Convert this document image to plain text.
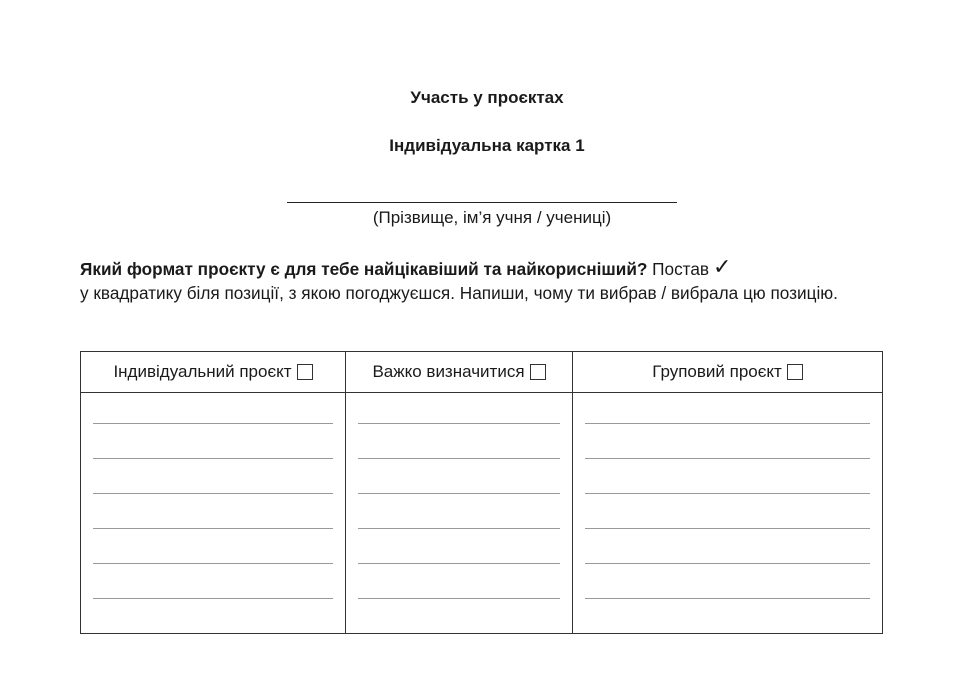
Участь у проєктах
Індивідуальна картка 1
(Прізвище, ім’я учня / учениці)
Який формат проєкту є для тебе найцікавіший та найкорисніший? Постав ✓
у квадратику біля позиції, з якою погоджуєшся. Напиши, чому ти вибрав / вибрала цю позицію.
Індивідуальний проєкт	Важко визначитися	Груповий проєкт
